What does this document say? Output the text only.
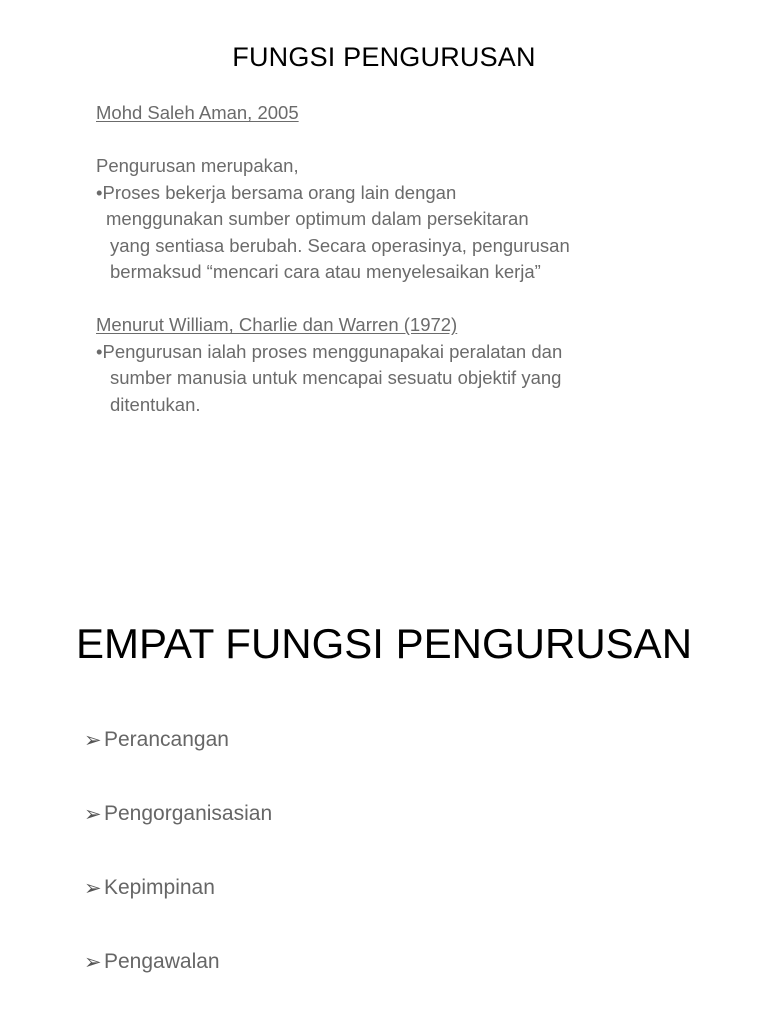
FUNGSI PENGURUSAN
Mohd Saleh Aman, 2005
Pengurusan merupakan,
•Proses bekerja bersama orang lain dengan
menggunakan sumber optimum dalam persekitaran
yang sentiasa berubah. Secara operasinya, pengurusan
bermaksud “mencari cara atau menyelesaikan kerja”
Menurut William, Charlie dan Warren (1972)
•Pengurusan ialah proses menggunapakai peralatan dan
sumber manusia untuk mencapai sesuatu objektif yang
ditentukan.
EMPAT FUNGSI PENGURUSAN
➢ Perancangan
➢ Pengorganisasian
➢ Kepimpinan
➢ Pengawalan
